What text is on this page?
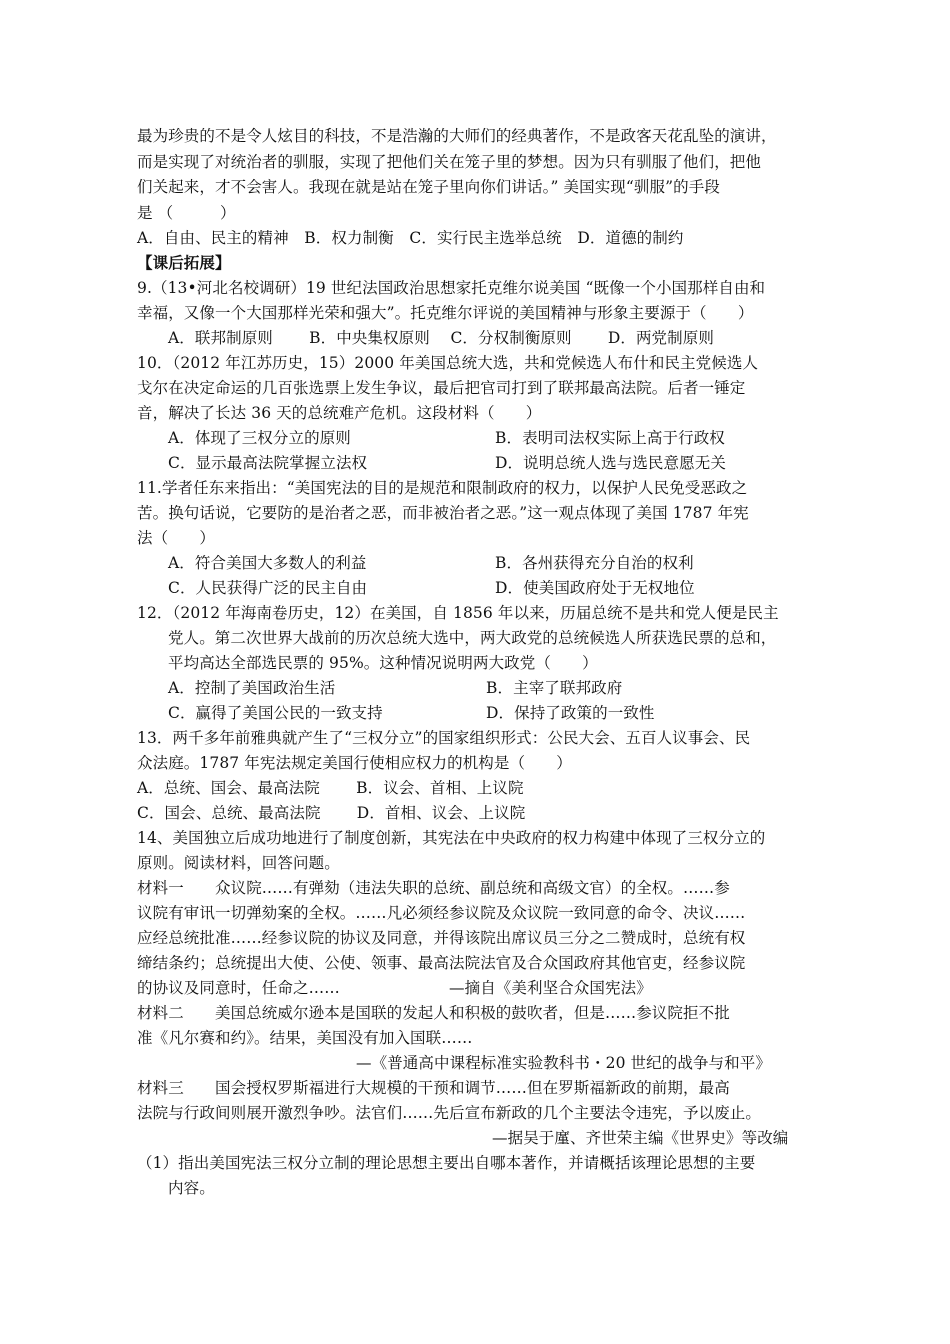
最为珍贵的不是令人炫目的科技，不是浩瀚的大师们的经典著作，不是政客天花乱坠的演讲，
而是实现了对统治者的驯服，实现了把他们关在笼子里的梦想。因为只有驯服了他们，把他
们关起来，才不会害人。我现在就是站在笼子里向你们讲话。” 美国实现“驯服”的手段
是 （　　　）
A．自由、民主的精神　B．权力制衡　C．实行民主选举总统　D．道德的制约
【课后拓展】
9.（13•河北名校调研）19 世纪法国政治思想家托克维尔说美国 “既像一个小国那样自由和
幸福，又像一个大国那样光荣和强大”。托克维尔评说的美国精神与形象主要源于（　　）
A．联邦制原则　　 B．中央集权原则　 C．分权制衡原则　　 D．两党制原则
10．（2012 年江苏历史，15）2000 年美国总统大选，共和党候选人布什和民主党候选人
戈尔在决定命运的几百张选票上发生争议，最后把官司打到了联邦最高法院。后者一锤定
音，解决了长达 36 天的总统难产危机。这段材料（　　）
A．体现了三权分立的原则	B．表明司法权实际上高于行政权
C．显示最高法院掌握立法权	D．说明总统人选与选民意愿无关
11.学者任东来指出：“美国宪法的目的是规范和限制政府的权力，以保护人民免受恶政之
苦。换句话说，它要防的是治者之恶，而非被治者之恶。”这一观点体现了美国 1787 年宪
法（　　）
A．符合美国大多数人的利益	B．各州获得充分自治的权利
C．人民获得广泛的民主自由	D．使美国政府处于无权地位
12．（2012 年海南卷历史，12）在美国，自 1856 年以来，历届总统不是共和党人便是民主
党人。第二次世界大战前的历次总统大选中，两大政党的总统候选人所获选民票的总和，
平均高达全部选民票的 95%。这种情况说明两大政党（　　）
A．控制了美国政治生活	B．主宰了联邦政府
C．赢得了美国公民的一致支持	D．保持了政策的一致性
13．两千多年前雅典就产生了“三权分立”的国家组织形式：公民大会、五百人议事会、民
众法庭。1787 年宪法规定美国行使相应权力的机构是（　　）
A．总统、国会、最高法院　　 B．议会、首相、上议院
C．国会、总统、最高法院　　 D．首相、议会、上议院
14、美国独立后成功地进行了制度创新，其宪法在中央政府的权力构建中体现了三权分立的
原则。阅读材料，回答问题。
材料一　　众议院……有弹劾（违法失职的总统、副总统和高级文官）的全权。……参
议院有审讯一切弹劾案的全权。……凡必须经参议院及众议院一致同意的命令、决议……
应经总统批准……经参议院的协议及同意，并得该院出席议员三分之二赞成时，总统有权
缔结条约；总统提出大使、公使、领事、最高法院法官及合众国政府其他官吏，经参议院
的协议及同意时，任命之……　　　　　　　—摘自《美利坚合众国宪法》
材料二　　美国总统威尔逊本是国联的发起人和积极的鼓吹者，但是……参议院拒不批
准《凡尔赛和约》。结果，美国没有加入国联……
—《普通高中课程标准实验教科书・20 世纪的战争与和平》
材料三　　国会授权罗斯福进行大规模的干预和调节……但在罗斯福新政的前期，最高
法院与行政间则展开激烈争吵。法官们……先后宣布新政的几个主要法令违宪，予以废止。
—据吴于廑、齐世荣主编《世界史》等改编
（1）指出美国宪法三权分立制的理论思想主要出自哪本著作，并请概括该理论思想的主要
内容。
